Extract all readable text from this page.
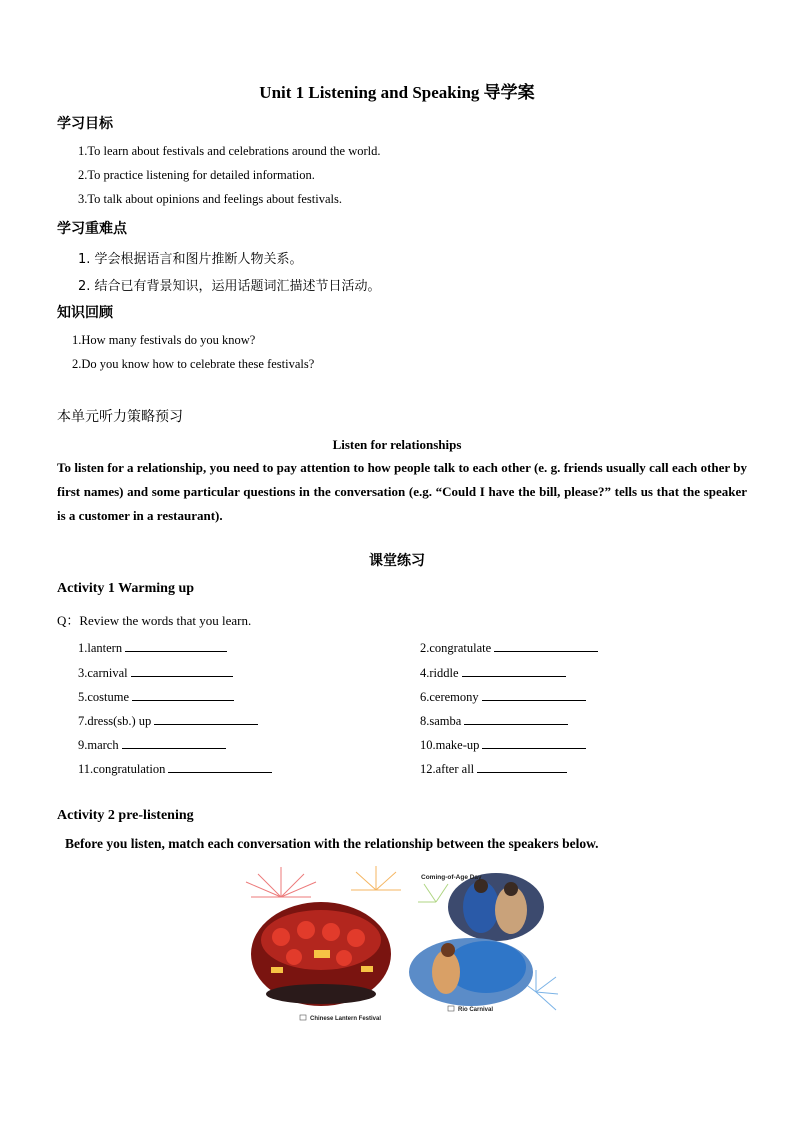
Unit 1 Listening and Speaking 导学案
学习目标
1.To learn about festivals and celebrations around the world.
2.To practice listening for detailed information.
3.To talk about opinions and feelings about festivals.
学习重难点
1. 学会根据语言和图片推断人物关系。
2. 结合已有背景知识，运用话题词汇描述节日活动。
知识回顾
1.How many festivals do you know?
2.Do you know how to celebrate these festivals?
本单元听力策略预习
Listen for relationships
To listen for a relationship, you need to pay attention to how people talk to each other (e. g. friends usually call each other by first names) and some particular questions in the conversation (e.g. “Could I have the bill, please?” tells us that the speaker is a customer in a restaurant).
课堂练习
Activity 1 Warming up
Q：Review the words that you learn.
1.lantern	2.congratulate
3.carnival	4.riddle
5.costume	6.ceremony
7.dress(sb.) up	8.samba
9.march	10.make-up
11.congratulation	12.after all
Activity 2 pre-listening
Before you listen, match each conversation with the relationship between the speakers below.
Coming-of-Age Day
Chinese Lantern Festival
Rio Carnival
